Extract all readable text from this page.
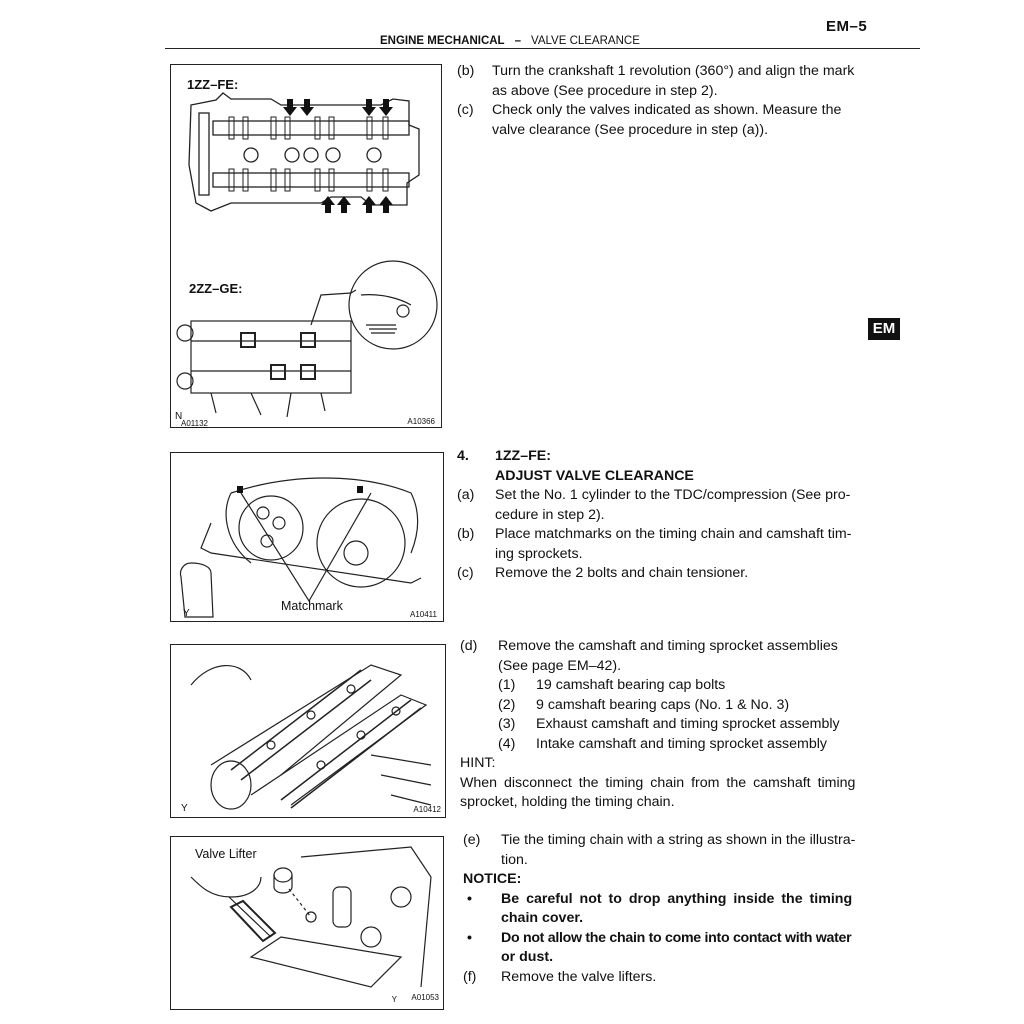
EM–5
ENGINE MECHANICAL – VALVE CLEARANCE
EM
1ZZ–FE:
2ZZ–GE:
N
A01132	A10366
Matchmark
Y	A10411
Y	A10412
Valve Lifter
Y A01053
(b)	Turn the crankshaft 1 revolution (360°) and align the mark
as above (See procedure in step 2).
(c)	Check only the valves indicated as shown. Measure the
valve clearance (See procedure in step (a)).
4.	1ZZ–FE:
ADJUST VALVE CLEARANCE
(a)	Set the No. 1 cylinder to the TDC/compression (See pro-
cedure in step 2).
(b)	Place matchmarks on the timing chain and camshaft tim-
ing sprockets.
(c)	Remove the 2 bolts and chain tensioner.
(d)	Remove the camshaft and timing sprocket assemblies
(See page EM–42).
(1)	19 camshaft bearing cap bolts
(2)	9 camshaft bearing caps (No. 1 & No. 3)
(3)	Exhaust camshaft and timing sprocket assembly
(4)	Intake camshaft and timing sprocket assembly
HINT:
When disconnect the timing chain from the camshaft timing
sprocket, holding the timing chain.
(e)	Tie the timing chain with a string as shown in the illustra-
tion.
NOTICE:
•	Be careful not to drop anything inside the timing
chain cover.
•	Do not allow the chain to come into contact with water
or dust.
(f)	Remove the valve lifters.
